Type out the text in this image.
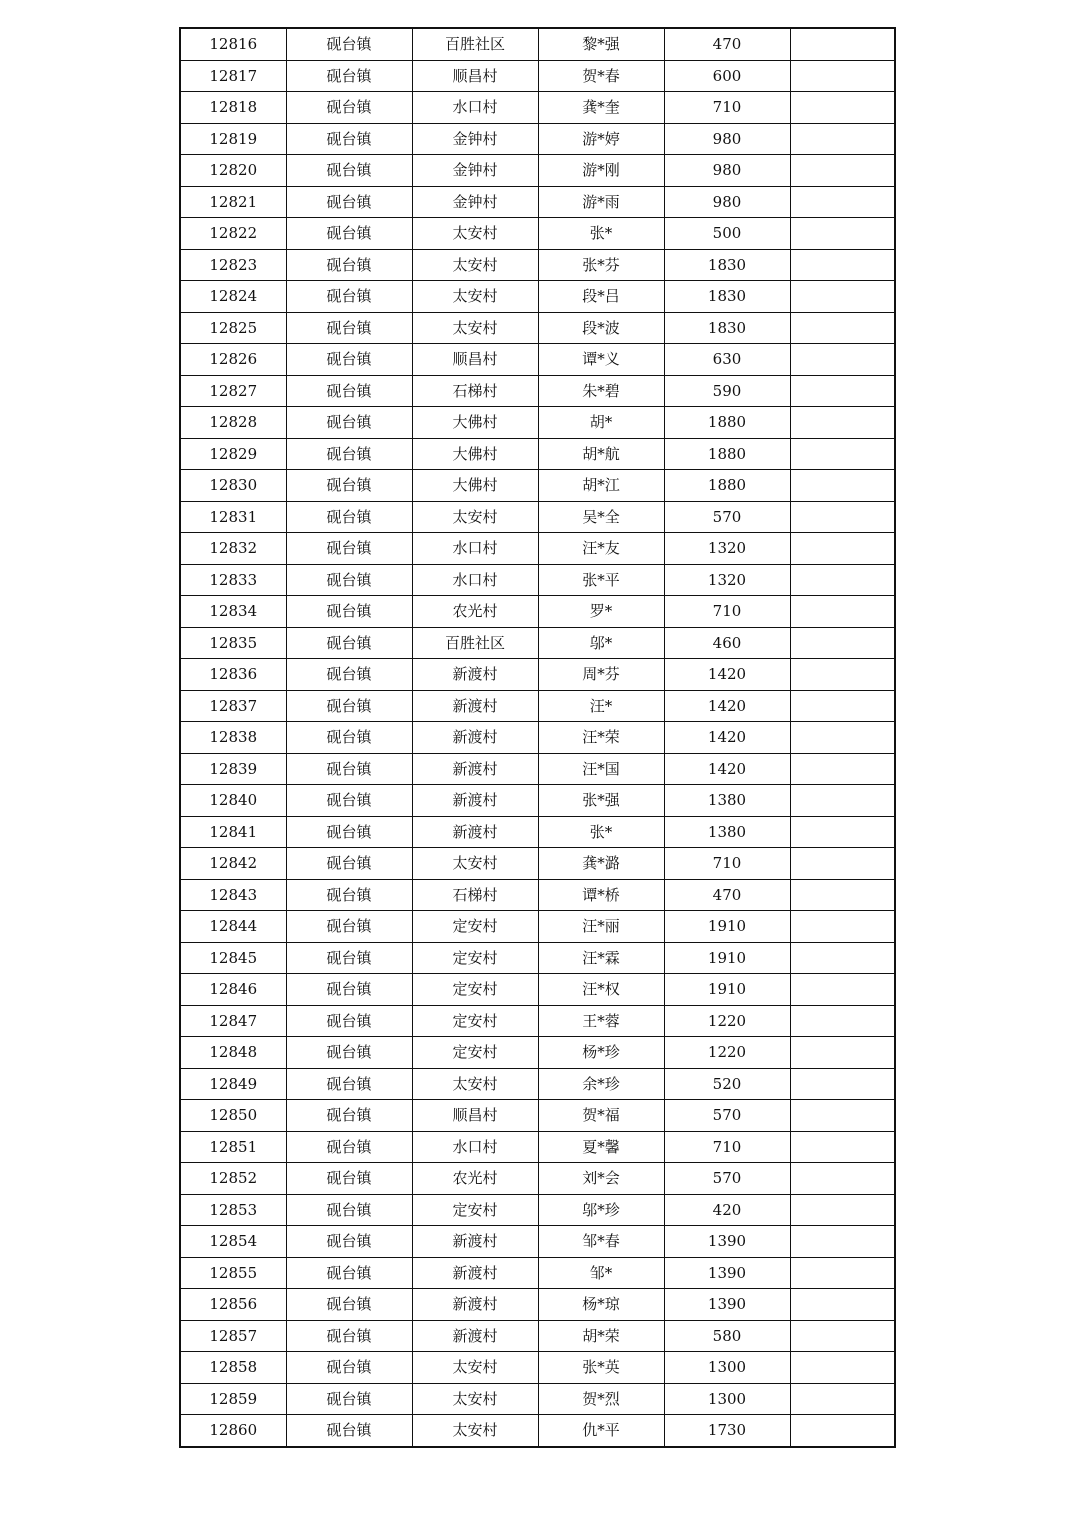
12816	砚台镇	百胜社区	黎*强	470	
12817	砚台镇	顺昌村	贺*春	600	
12818	砚台镇	水口村	龚*奎	710	
12819	砚台镇	金钟村	游*婷	980	
12820	砚台镇	金钟村	游*刚	980	
12821	砚台镇	金钟村	游*雨	980	
12822	砚台镇	太安村	张*	500	
12823	砚台镇	太安村	张*芬	1830	
12824	砚台镇	太安村	段*吕	1830	
12825	砚台镇	太安村	段*波	1830	
12826	砚台镇	顺昌村	谭*义	630	
12827	砚台镇	石梯村	朱*碧	590	
12828	砚台镇	大佛村	胡*	1880	
12829	砚台镇	大佛村	胡*航	1880	
12830	砚台镇	大佛村	胡*江	1880	
12831	砚台镇	太安村	吴*全	570	
12832	砚台镇	水口村	汪*友	1320	
12833	砚台镇	水口村	张*平	1320	
12834	砚台镇	农光村	罗*	710	
12835	砚台镇	百胜社区	邬*	460	
12836	砚台镇	新渡村	周*芬	1420	
12837	砚台镇	新渡村	汪*	1420	
12838	砚台镇	新渡村	汪*荣	1420	
12839	砚台镇	新渡村	汪*国	1420	
12840	砚台镇	新渡村	张*强	1380	
12841	砚台镇	新渡村	张*	1380	
12842	砚台镇	太安村	龚*潞	710	
12843	砚台镇	石梯村	谭*桥	470	
12844	砚台镇	定安村	汪*丽	1910	
12845	砚台镇	定安村	汪*霖	1910	
12846	砚台镇	定安村	汪*权	1910	
12847	砚台镇	定安村	王*蓉	1220	
12848	砚台镇	定安村	杨*珍	1220	
12849	砚台镇	太安村	余*珍	520	
12850	砚台镇	顺昌村	贺*福	570	
12851	砚台镇	水口村	夏*馨	710	
12852	砚台镇	农光村	刘*会	570	
12853	砚台镇	定安村	邬*珍	420	
12854	砚台镇	新渡村	邹*春	1390	
12855	砚台镇	新渡村	邹*	1390	
12856	砚台镇	新渡村	杨*琼	1390	
12857	砚台镇	新渡村	胡*荣	580	
12858	砚台镇	太安村	张*英	1300	
12859	砚台镇	太安村	贺*烈	1300	
12860	砚台镇	太安村	仇*平	1730	
